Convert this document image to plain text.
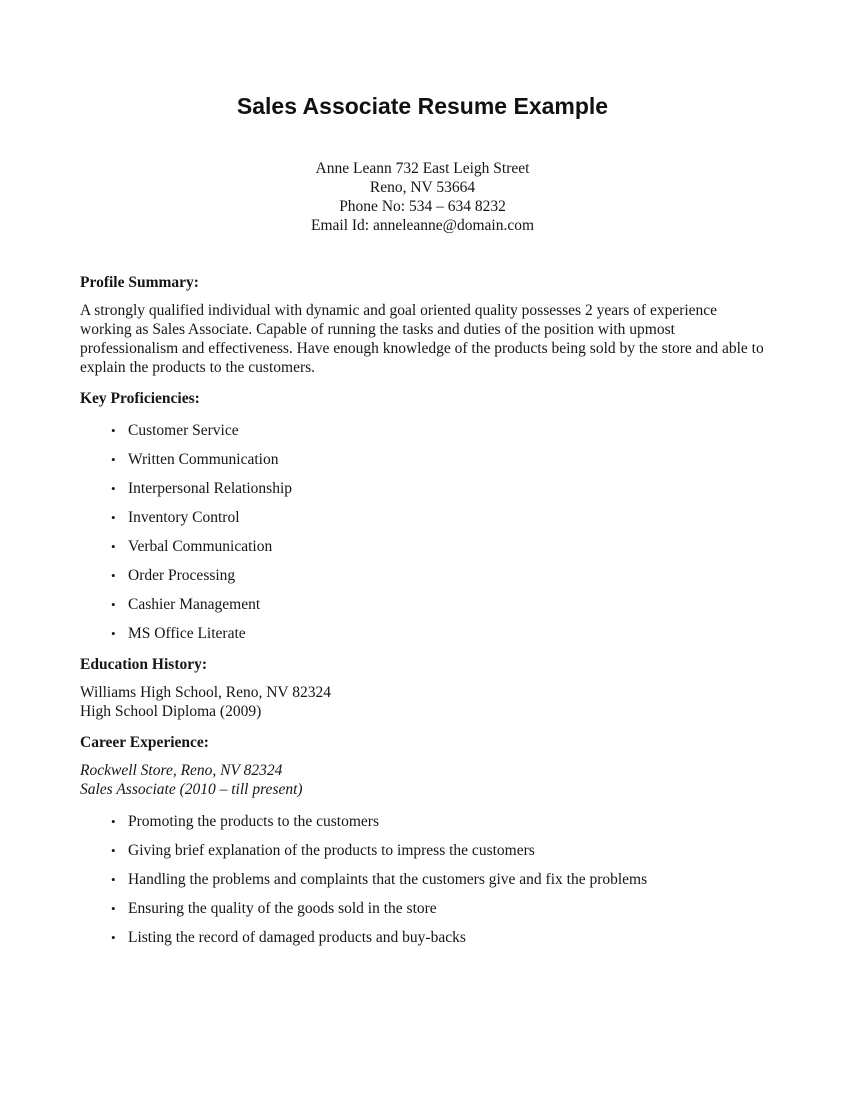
Sales Associate Resume Example
Anne Leann 732 East Leigh Street
Reno, NV 53664
Phone No: 534 – 634 8232
Email Id: anneleanne@domain.com
Profile Summary:

A strongly qualified individual with dynamic and goal oriented quality possesses 2 years of experience working as Sales Associate. Capable of running the tasks and duties of the position with upmost professionalism and effectiveness. Have enough knowledge of the products being sold by the store and able to explain the products to the customers.

Key Proficiencies:
• Customer Service
• Written Communication
• Interpersonal Relationship
• Inventory Control
• Verbal Communication
• Order Processing
• Cashier Management
• MS Office Literate
Education History:
Williams High School, Reno, NV 82324
High School Diploma (2009)
Career Experience:
Rockwell Store, Reno, NV 82324
Sales Associate (2010 – till present)
• Promoting the products to the customers
• Giving brief explanation of the products to impress the customers
• Handling the problems and complaints that the customers give and fix the problems
• Ensuring the quality of the goods sold in the store
• Listing the record of damaged products and buy-backs
